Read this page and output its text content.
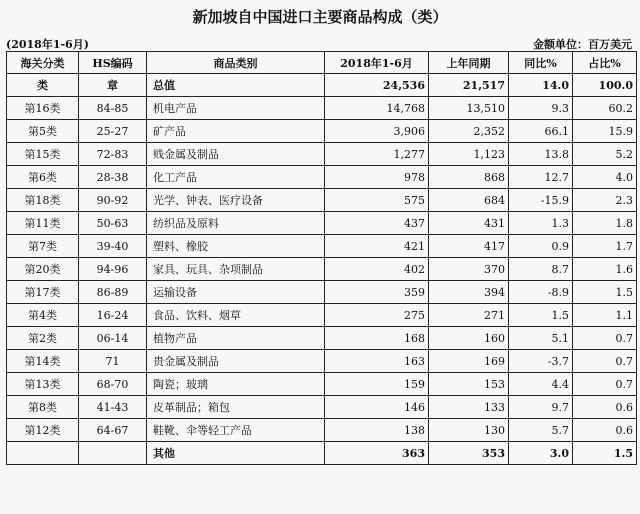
新加坡自中国进口主要商品构成（类）
(2018年1-6月)	金额单位：百万美元
海关分类	HS编码	商品类别	2018年1-6月	上年同期	同比%	占比%
类	章	总值	24,536	21,517	14.0	100.0
第16类	84-85	机电产品	14,768	13,510	9.3	60.2
第5类	25-27	矿产品	3,906	2,352	66.1	15.9
第15类	72-83	贱金属及制品	1,277	1,123	13.8	5.2
第6类	28-38	化工产品	978	868	12.7	4.0
第18类	90-92	光学、钟表、医疗设备	575	684	-15.9	2.3
第11类	50-63	纺织品及原料	437	431	1.3	1.8
第7类	39-40	塑料、橡胶	421	417	0.9	1.7
第20类	94-96	家具、玩具、杂项制品	402	370	8.7	1.6
第17类	86-89	运输设备	359	394	-8.9	1.5
第4类	16-24	食品、饮料、烟草	275	271	1.5	1.1
第2类	06-14	植物产品	168	160	5.1	0.7
第14类	71	贵金属及制品	163	169	-3.7	0.7
第13类	68-70	陶瓷；玻璃	159	153	4.4	0.7
第8类	41-43	皮革制品；箱包	146	133	9.7	0.6
第12类	64-67	鞋靴、伞等轻工产品	138	130	5.7	0.6
		其他	363	353	3.0	1.5
